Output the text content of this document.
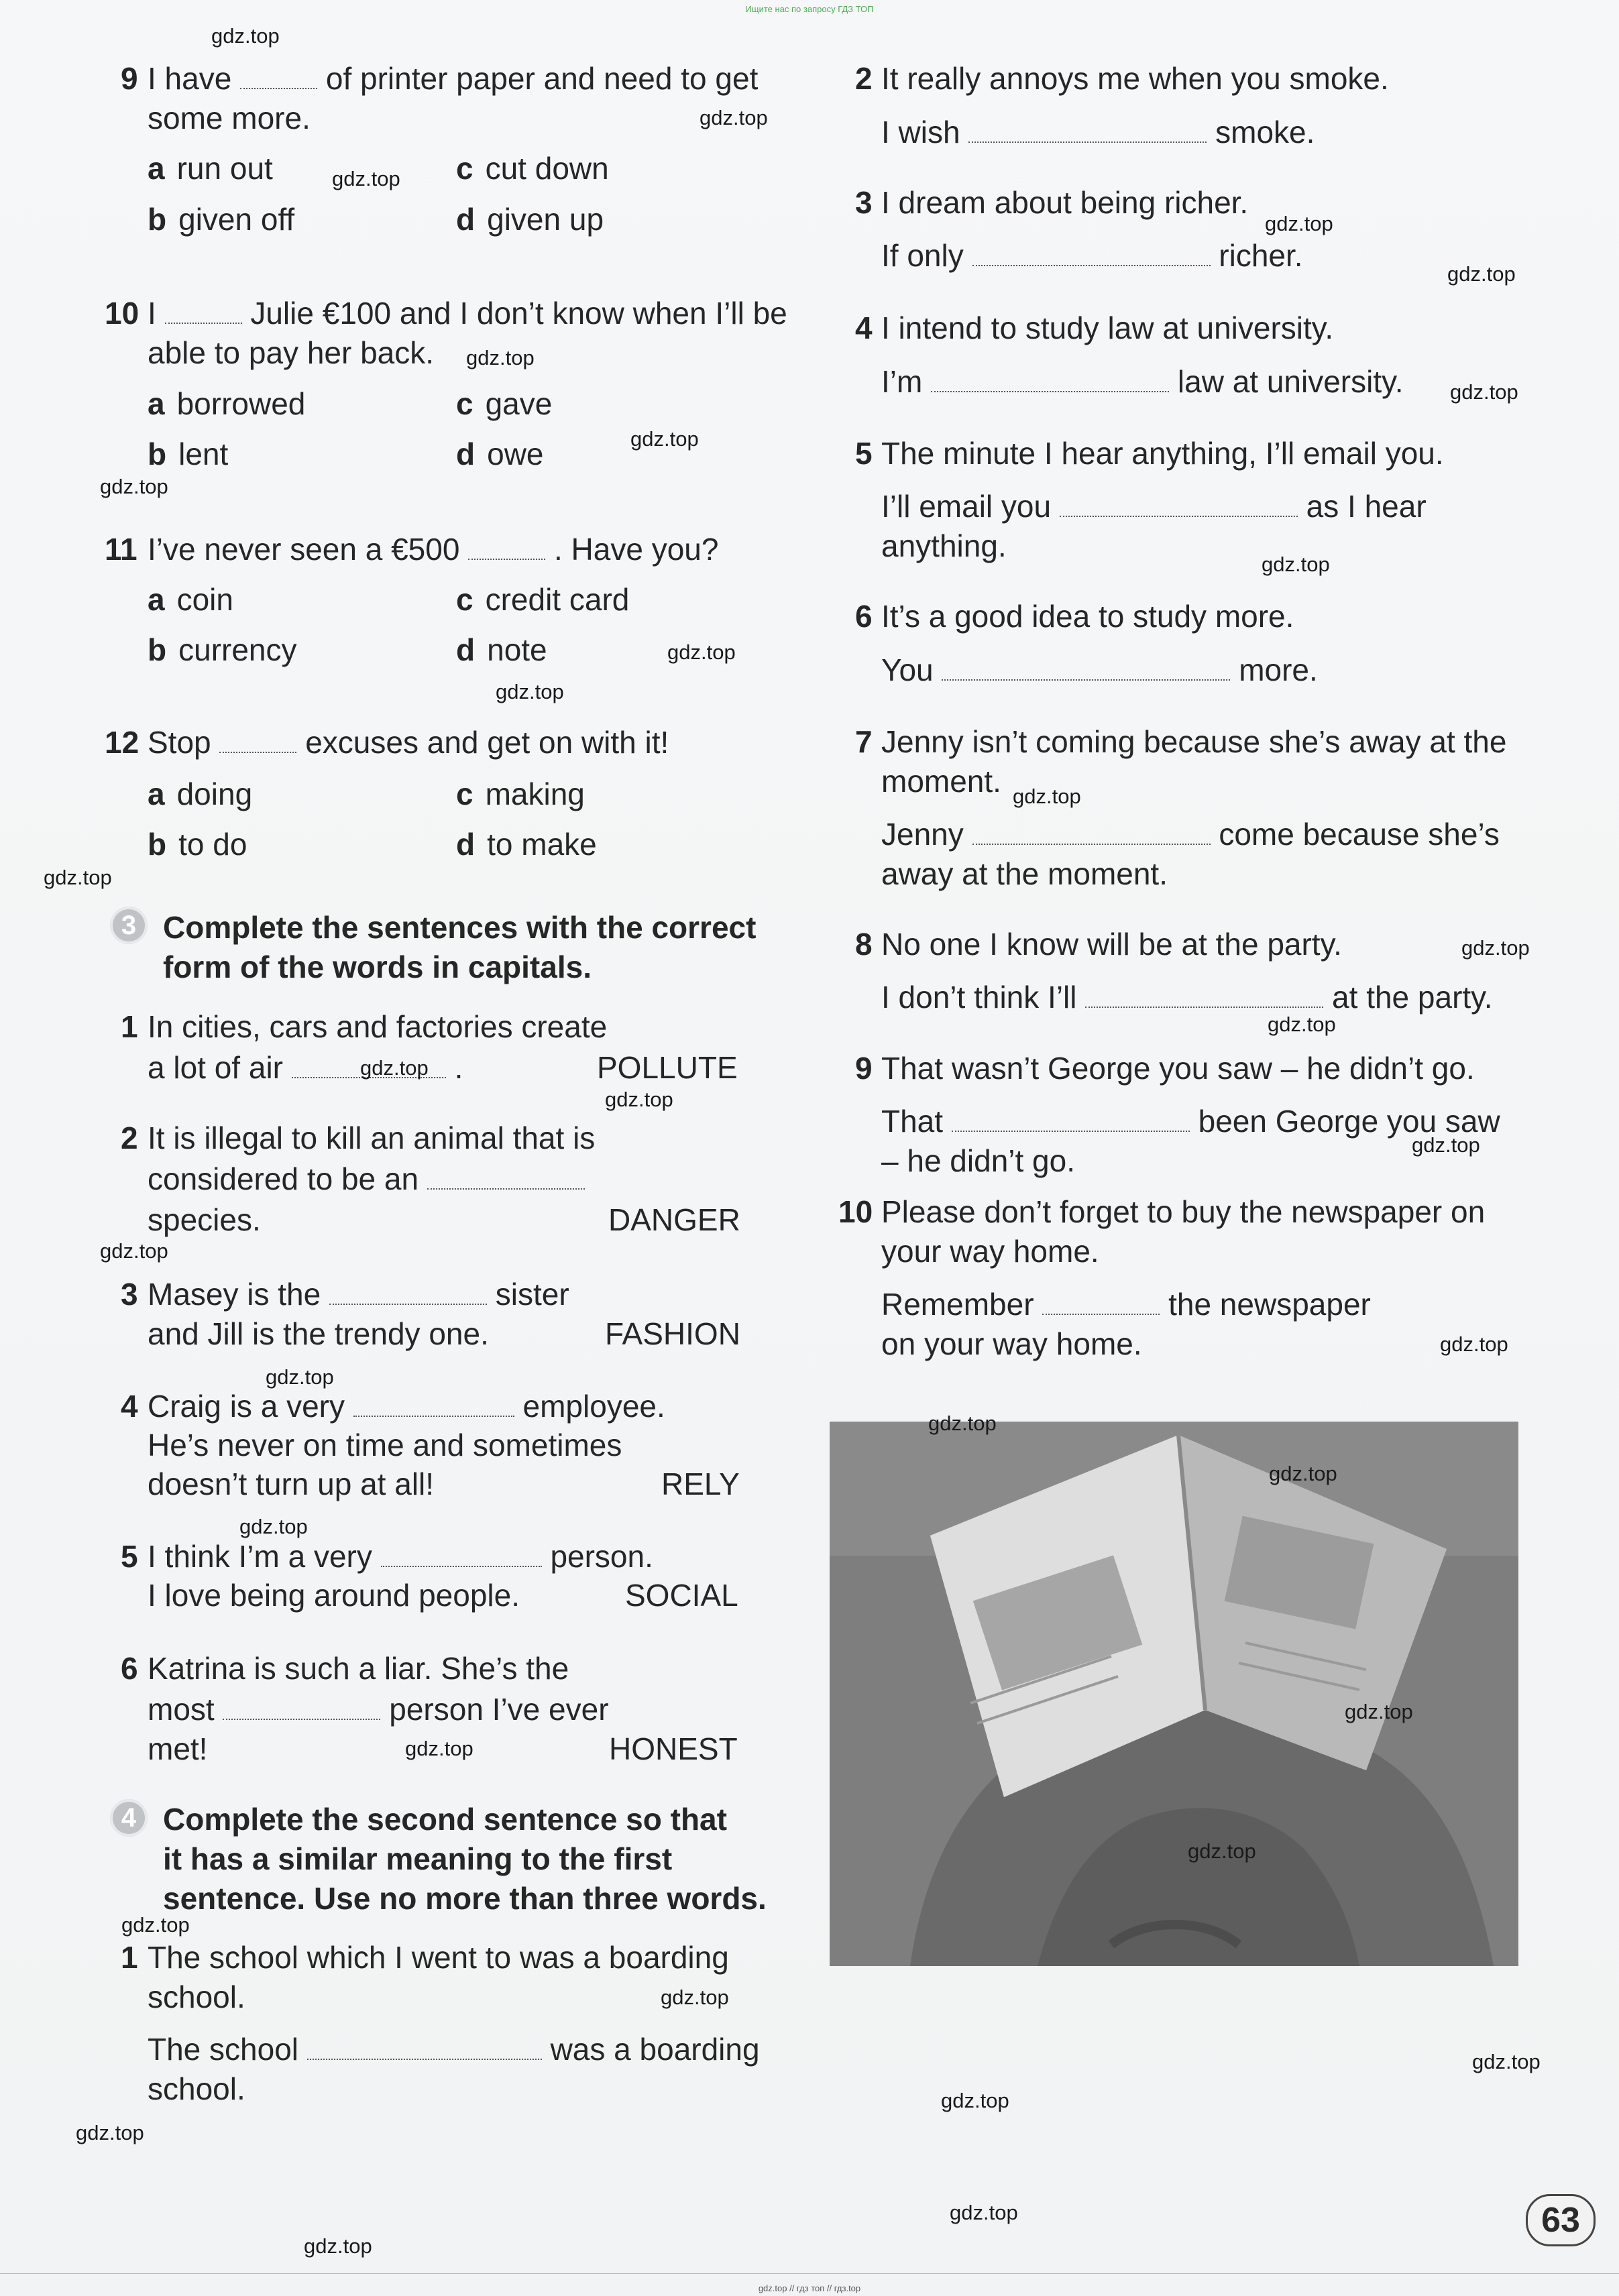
Ищите нас по запросу ГДЗ ТОП
9 I have	of printer paper and need to get
some more.
a run out	c cut down
b given off	d given up
10 I	Julie €100 and I don’t know when I’ll be
able to pay her back.
a borrowed	c gave
b lent	d owe
11 I’ve never seen a €500	. Have you?
a coin	c credit card
b currency	d note
12 Stop	excuses and get on with it!
a doing	c making
b to do	d to make
3 Complete the sentences with the correct
form of the words in capitals.
1 In cities, cars and factories create
a lot of air	.	POLLUTE
2 It is illegal to kill an animal that is
considered to be an
species.	DANGER
3 Masey is the	sister
and Jill is the trendy one.	FASHION
4 Craig is a very	employee.
He’s never on time and sometimes
doesn’t turn up at all!	RELY
5 I think I’m a very	person.
I love being around people.	SOCIAL
6 Katrina is such a liar. She’s the
most	person I’ve ever
met!	HONEST
4 Complete the second sentence so that
it has a similar meaning to the first
sentence. Use no more than three words.
1 The school which I went to was a boarding
school.
The school	was a boarding
school.
2 It really annoys me when you smoke.
I wish	smoke.
3 I dream about being richer.
If only	richer.
4 I intend to study law at university.
I’m	law at university.
5 The minute I hear anything, I’ll email you.
I’ll email you	as I hear
anything.
6 It’s a good idea to study more.
You	more.
7 Jenny isn’t coming because she’s away at the
moment.
Jenny	come because she’s
away at the moment.
8 No one I know will be at the party.
I don’t think I’ll	at the party.
9 That wasn’t George you saw – he didn’t go.
That	been George you saw
– he didn’t go.
10 Please don’t forget to buy the newspaper on
your way home.
Remember	the newspaper
on your way home.
gdz.top
gdz.top
gdz.top
gdz.top
gdz.top
gdz.top
gdz.top
gdz.top
gdz.top
gdz.top
gdz.top
gdz.top
gdz.top
gdz.top
gdz.top
gdz.top
gdz.top
gdz.top
gdz.top
gdz.top
gdz.top
gdz.top
gdz.top
gdz.top
gdz.top
gdz.top
gdz.top
gdz.top
gdz.top
gdz.top
gdz.top
gdz.top
gdz.top
gdz.top
gdz.top
63
gdz.top // гдз топ // гдз.top
